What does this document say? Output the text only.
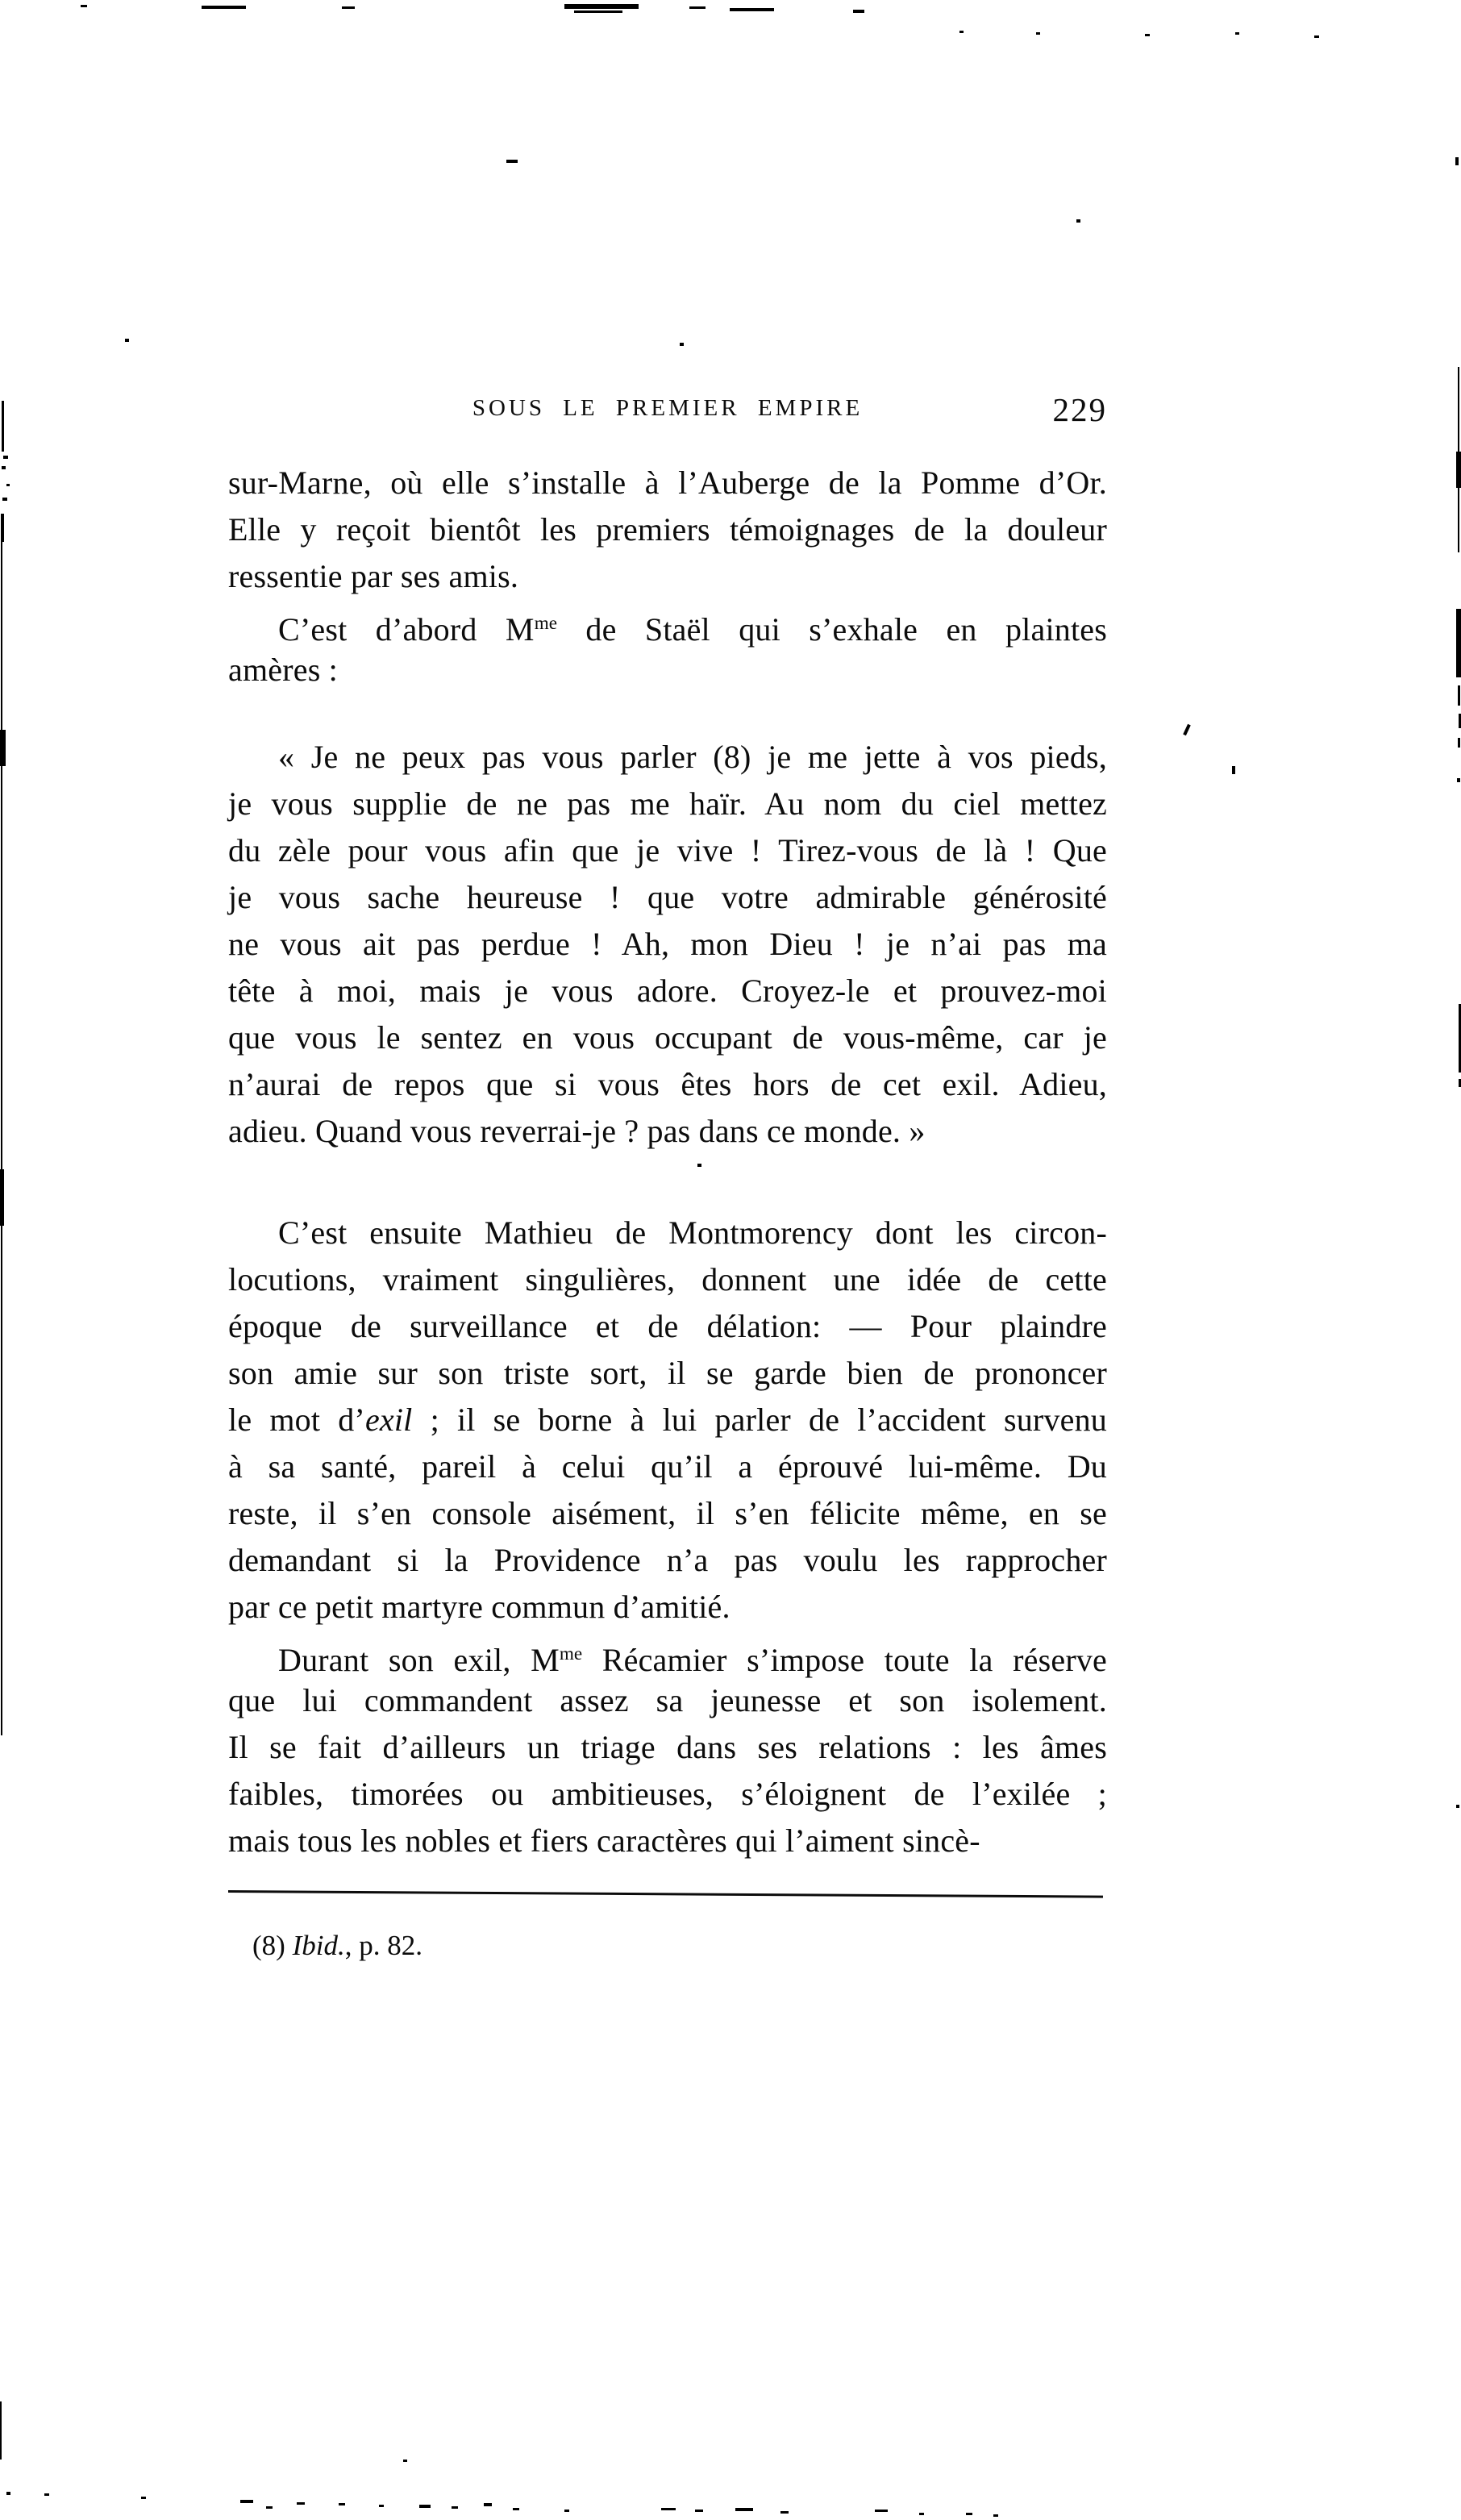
SOUS LE PREMIER EMPIRE	229
sur-Marne, où elle s’installe à l’Auberge de la Pomme d’Or.
Elle y reçoit bientôt les premiers témoignages de la douleur
ressentie par ses amis.
C’est d’abord $M^{me}$ de Staël qui s’exhale en plaintes
amères :
« Je ne peux pas vous parler (8) je me jette à vos pieds,
je vous supplie de ne pas me haïr. Au nom du ciel mettez
du zèle pour vous afin que je vive ! Tirez-vous de là ! Que
je vous sache heureuse ! que votre admirable générosité
ne vous ait pas perdue ! Ah, mon Dieu ! je n’ai pas ma
tête à moi, mais je vous adore. Croyez-le et prouvez-moi
que vous le sentez en vous occupant de vous-même, car je
n’aurai de repos que si vous êtes hors de cet exil. Adieu,
adieu. Quand vous reverrai-je ? pas dans ce monde. »
C’est ensuite Mathieu de Montmorency dont les circon-
locutions, vraiment singulières, donnent une idée de cette
époque de surveillance et de délation: — Pour plaindre
son amie sur son triste sort, il se garde bien de prononcer
le mot d’exil ; il se borne à lui parler de l’accident survenu
à sa santé, pareil à celui qu’il a éprouvé lui-même. Du
reste, il s’en console aisément, il s’en félicite même, en se
demandant si la Providence n’a pas voulu les rapprocher
par ce petit martyre commun d’amitié.
Durant son exil, $M^{me}$ Récamier s’impose toute la réserve
que lui commandent assez sa jeunesse et son isolement.
Il se fait d’ailleurs un triage dans ses relations : les âmes
faibles, timorées ou ambitieuses, s’éloignent de l’exilée ;
mais tous les nobles et fiers caractères qui l’aiment sincè-
(8) Ibid., p. 82.
